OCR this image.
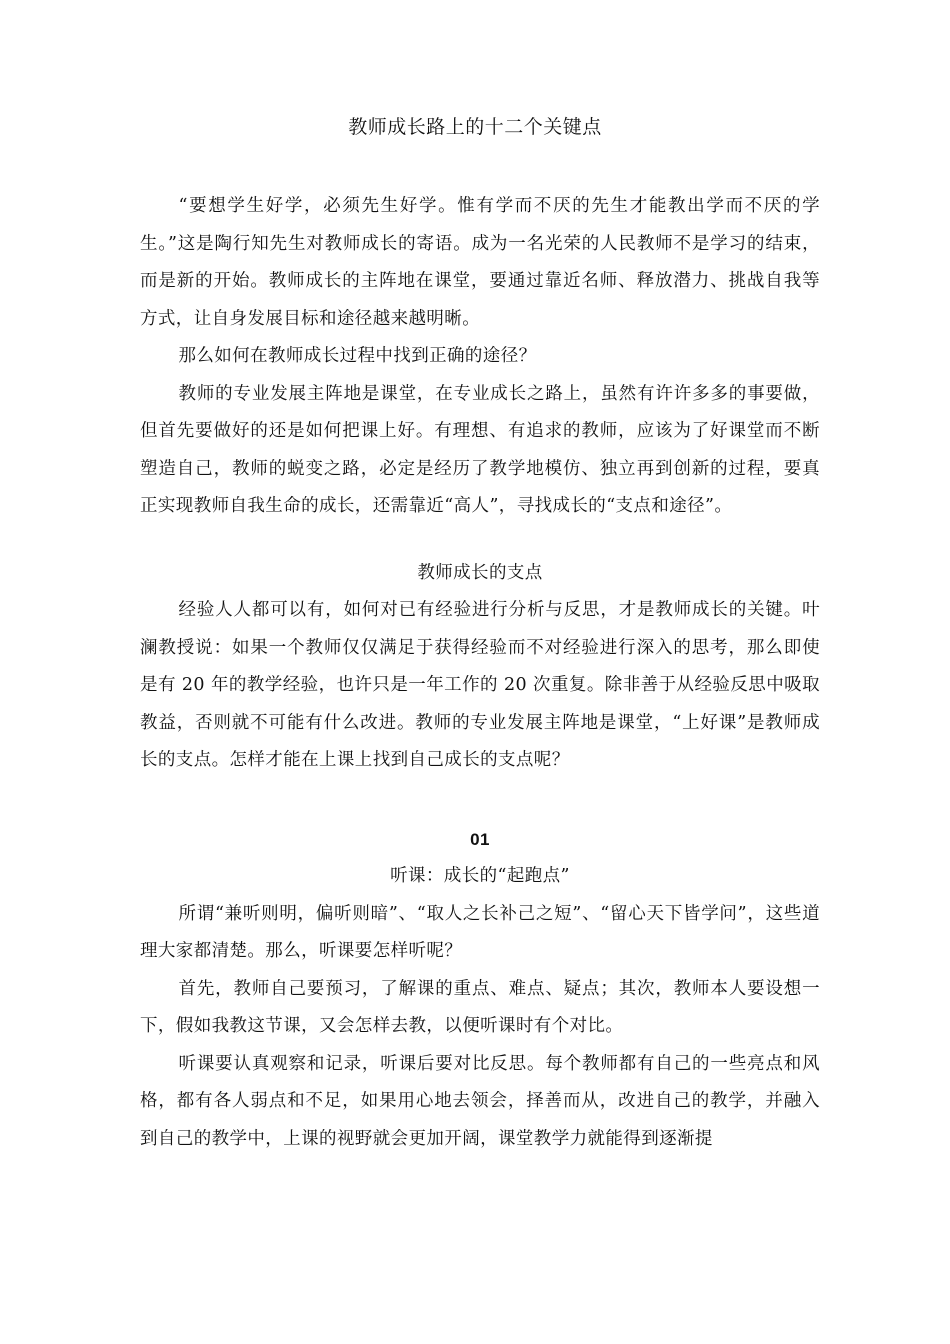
教师成长路上的十二个关键点

“要想学生好学，必须先生好学。惟有学而不厌的先生才能教出学而不厌的学生。”这是陶行知先生对教师成长的寄语。成为一名光荣的人民教师不是学习的结束，而是新的开始。教师成长的主阵地在课堂，要通过靠近名师、释放潜力、挑战自我等方式，让自身发展目标和途径越来越明晰。

那么如何在教师成长过程中找到正确的途径？

教师的专业发展主阵地是课堂，在专业成长之路上，虽然有许许多多的事要做，但首先要做好的还是如何把课上好。有理想、有追求的教师，应该为了好课堂而不断塑造自己，教师的蜕变之路，必定是经历了教学地模仿、独立再到创新的过程，要真正实现教师自我生命的成长，还需靠近“高人”，寻找成长的“支点和途径”。

教师成长的支点

经验人人都可以有，如何对已有经验进行分析与反思，才是教师成长的关键。叶澜教授说：如果一个教师仅仅满足于获得经验而不对经验进行深入的思考，那么即使是有 20 年的教学经验，也许只是一年工作的 20 次重复。除非善于从经验反思中吸取教益，否则就不可能有什么改进。教师的专业发展主阵地是课堂，“上好课”是教师成长的支点。怎样才能在上课上找到自己成长的支点呢？

01

听课：成长的“起跑点”

所谓“兼听则明，偏听则暗”、“取人之长补己之短”、“留心天下皆学问”，这些道理大家都清楚。那么，听课要怎样听呢？

首先，教师自己要预习，了解课的重点、难点、疑点；其次，教师本人要设想一下，假如我教这节课，又会怎样去教，以便听课时有个对比。

听课要认真观察和记录，听课后要对比反思。每个教师都有自己的一些亮点和风格，都有各人弱点和不足，如果用心地去领会，择善而从，改进自己的教学，并融入到自己的教学中，上课的视野就会更加开阔，课堂教学力就能得到逐渐提
